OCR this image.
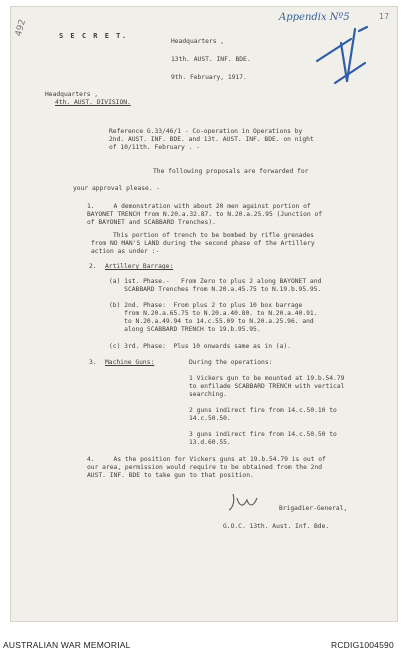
Appendix Nº5	17
492	S E C R E T.
Headquarters ,
13th. AUST. INF. BDE.
9th. February, 1917.
Headquarters ,
4th. AUST. DIVISION.
Reference G.33/46/1 - Co-operation in Operations by
2nd. AUST. INF. BDE. and 13t. AUST. INF. BDE. on night
of 10/11th. February . -
The following proposals are forwarded for
your approval please. -
1.     A demonstration with about 20 men against portion of
BAYONET TRENCH from N.20.a.32.87. to N.20.a.25.95 (Junction of
of BAYONET and SCABBARD Trenches).
This portion of trench to be bombed by rifle grenades
from NO MAN'S LAND during the second phase of the Artillery
action as under :-
2. Artillery Barrage:
(a) 1st. Phase.-   From Zero to plus 2 along BAYONET and
SCABBARD Trenches from N.20.a.45.75 to N.19.b.95.95.
(b) 2nd. Phase:  From plus 2 to plus 10 box barrage
from N.20.a.65.75 to N.20.a.40.80. to N.20.a.40.91.
to N.20.a.49.94 to 14.c.55.09 to N.20.a.25.96. and
along SCABBARD TRENCH to 19.b.95.95.
(c) 3rd. Phase:  Plus 10 onwards same as in (a).
3. Machine Guns:	During the operations:
1 Vickers gun to be mounted at 19.b.54.79
to enfilade SCABBARD TRENCH with vertical
searching.
2 guns indirect fire from 14.c.50.10 to
14.c.50.50.
3 guns indirect fire from 14.c.50.50 to
13.d.60.55.
4.     As the position for Vickers guns at 19.b.54.79 is out of
our area, permission would require to be obtained from the 2nd
AUST. INF. BDE to take gun to that position.
Brigadier-General,
G.O.C. 13th. Aust. Inf. Bde.
AUSTRALIAN WAR MEMORIAL	RCDIG1004590
